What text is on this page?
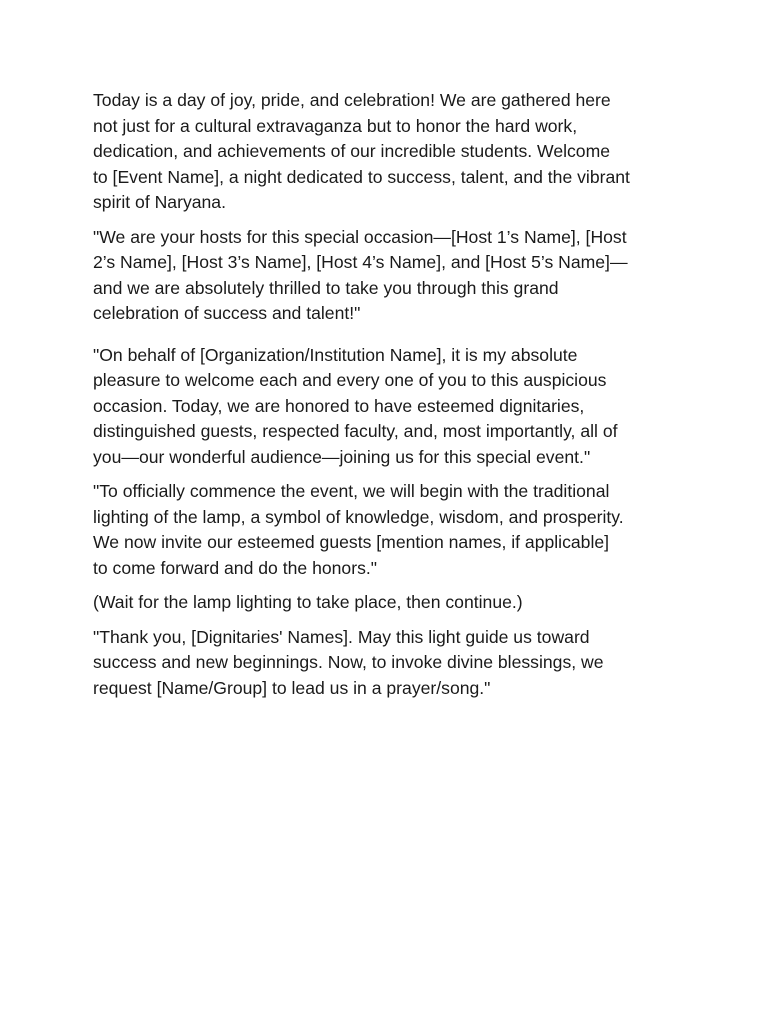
Today is a day of joy, pride, and celebration! We are gathered here
not just for a cultural extravaganza but to honor the hard work,
dedication, and achievements of our incredible students. Welcome
to [Event Name], a night dedicated to success, talent, and the vibrant
spirit of Naryana.

"We are your hosts for this special occasion—[Host 1’s Name], [Host
2’s Name], [Host 3’s Name], [Host 4’s Name], and [Host 5’s Name]—
and we are absolutely thrilled to take you through this grand
celebration of success and talent!"

"On behalf of [Organization/Institution Name], it is my absolute
pleasure to welcome each and every one of you to this auspicious
occasion. Today, we are honored to have esteemed dignitaries,
distinguished guests, respected faculty, and, most importantly, all of
you—our wonderful audience—joining us for this special event."

"To officially commence the event, we will begin with the traditional
lighting of the lamp, a symbol of knowledge, wisdom, and prosperity.
We now invite our esteemed guests [mention names, if applicable]
to come forward and do the honors."

(Wait for the lamp lighting to take place, then continue.)

"Thank you, [Dignitaries' Names]. May this light guide us toward
success and new beginnings. Now, to invoke divine blessings, we
request [Name/Group] to lead us in a prayer/song."
